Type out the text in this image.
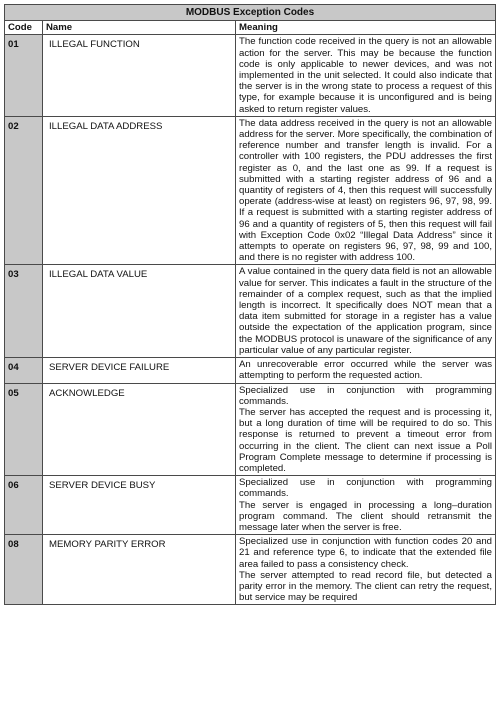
MODBUS Exception Codes		
Code	Name	Meaning
01	ILLEGAL FUNCTION	The function code received in the query is not an allowable action for the server. This may be because the function code is only applicable to newer devices, and was not implemented in the unit selected. It could also indicate that the server is in the wrong state to process a request of this type, for example because it is unconfigured and is being asked to return register values.

02	ILLEGAL DATA ADDRESS	The data address received in the query is not an allowable address for the server. More specifically, the combination of reference number and transfer length is invalid. For a controller with 100 registers, the PDU addresses the first register as 0, and the last one as 99. If a request is submitted with a starting register address of 96 and a quantity of registers of 4, then this request will successfully operate (address-wise at least) on registers 96, 97, 98, 99. If a request is submitted with a starting register address of 96 and a quantity of registers of 5, then this request will fail with Exception Code 0x02 “Illegal Data Address” since it attempts to operate on registers 96, 97, 98, 99 and 100, and there is no register with address 100.

03	ILLEGAL DATA VALUE	A value contained in the query data field is not an allowable value for server. This indicates a fault in the structure of the remainder of a complex request, such as that the implied length is incorrect. It specifically does NOT mean that a data item submitted for storage in a register has a value outside the expectation of the application program, since the MODBUS protocol is unaware of the significance of any particular value of any particular register.

04	SERVER DEVICE FAILURE	An unrecoverable error occurred while the server was attempting to perform the requested action.

05	ACKNOWLEDGE	Specialized use in conjunction with programming commands.

The server has accepted the request and is processing it, but a long duration of time will be required to do so. This response is returned to prevent a timeout error from occurring in the client. The client can next issue a Poll Program Complete message to determine if processing is completed.

06	SERVER DEVICE BUSY	Specialized use in conjunction with programming commands.

The server is engaged in processing a long–duration program command. The client should retransmit the message later when the server is free.

08	MEMORY PARITY ERROR	Specialized use in conjunction with function codes 20 and 21 and reference type 6, to indicate that the extended file area failed to pass a consistency check.

The server attempted to read record file, but detected a parity error in the memory. The client can retry the request, but service may be required
